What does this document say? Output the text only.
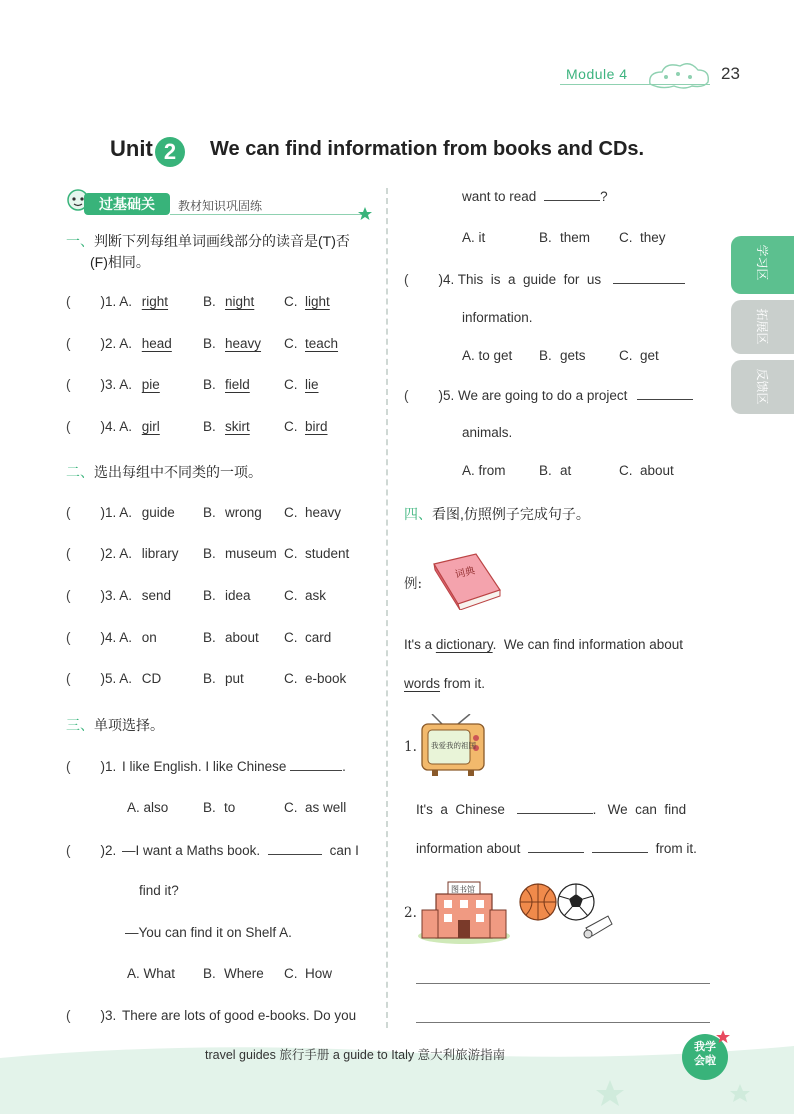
Module 4	23
Unit 2	We can find information from books and CDs.
过基础关	教材知识巩固练
一、判断下列每组单词画线部分的读音是(T)否
(F)相同。
( )1. A. right	B. night C. light
( )2. A. head B. heavy C. teach
( )3. A. pie	B. field	C. lie
( )4. A. girl	B. skirt	C. bird
二、选出每组中不同类的一项。
( )1. A. guide B. wrong C. heavy
( )2. A. library B. museum C. student
( )3. A. send B. idea C. ask
( )4. A. on	B. about C. card
( )5. A. CD	B. put	C. e-book
三、单项选择。
( )1. I like English. I like Chinese	.
A. also	B. to	C. as well
( )2. —I want a Maths book.	can I
find it?
—You can find it on Shelf A.
A. What B. Where C. How
( )3. There are lots of good e-books. Do you
want to read	?
A. it	B. them C. they
( )4. This  is  a  guide  for  us
information.
A. to get B. gets C. get
( )5. We are going to do a project
animals.
A. from B. at	C. about
四、看图,仿照例子完成句子。
例:
词典
It's a dictionary.  We can find information about
words from it.
1. 我爱我的祖国
It's  a  Chinese	.   We  can  find
information about	from it.
2.
图书馆
学习区
拓展区
反馈区
travel guides 旅行手册 a guide to Italy 意大利旅游指南
我学
会啦
